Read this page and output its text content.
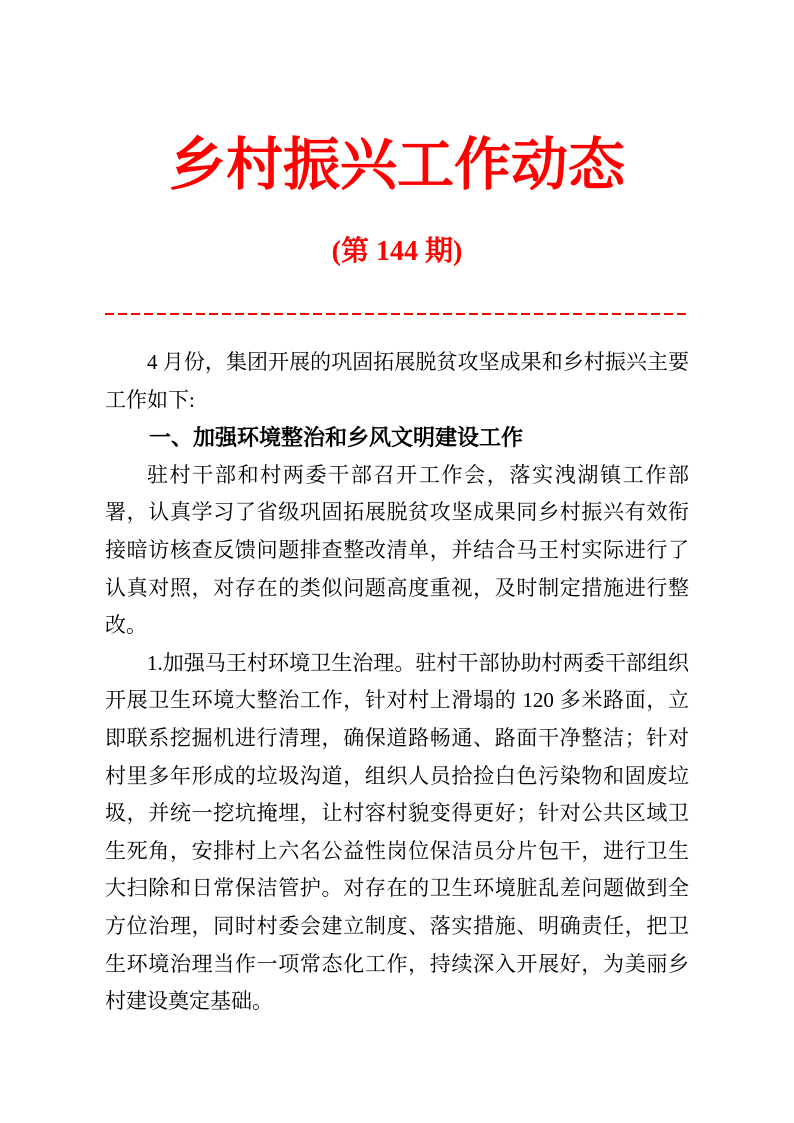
乡村振兴工作动态
(第 144 期)

4 月份，集团开展的巩固拓展脱贫攻坚成果和乡村振兴主要工作如下:

一、加强环境整治和乡风文明建设工作

驻村干部和村两委干部召开工作会，落实洩湖镇工作部署，认真学习了省级巩固拓展脱贫攻坚成果同乡村振兴有效衔接暗访核查反馈问题排查整改清单，并结合马王村实际进行了认真对照，对存在的类似问题高度重视，及时制定措施进行整改。

1.加强马王村环境卫生治理。驻村干部协助村两委干部组织开展卫生环境大整治工作，针对村上滑塌的 120 多米路面，立即联系挖掘机进行清理，确保道路畅通、路面干净整洁；针对村里多年形成的垃圾沟道，组织人员拾捡白色污染物和固废垃圾，并统一挖坑掩埋，让村容村貌变得更好；针对公共区域卫生死角，安排村上六名公益性岗位保洁员分片包干，进行卫生大扫除和日常保洁管护。对存在的卫生环境脏乱差问题做到全方位治理，同时村委会建立制度、落实措施、明确责任，把卫生环境治理当作一项常态化工作，持续深入开展好，为美丽乡村建设奠定基础。
